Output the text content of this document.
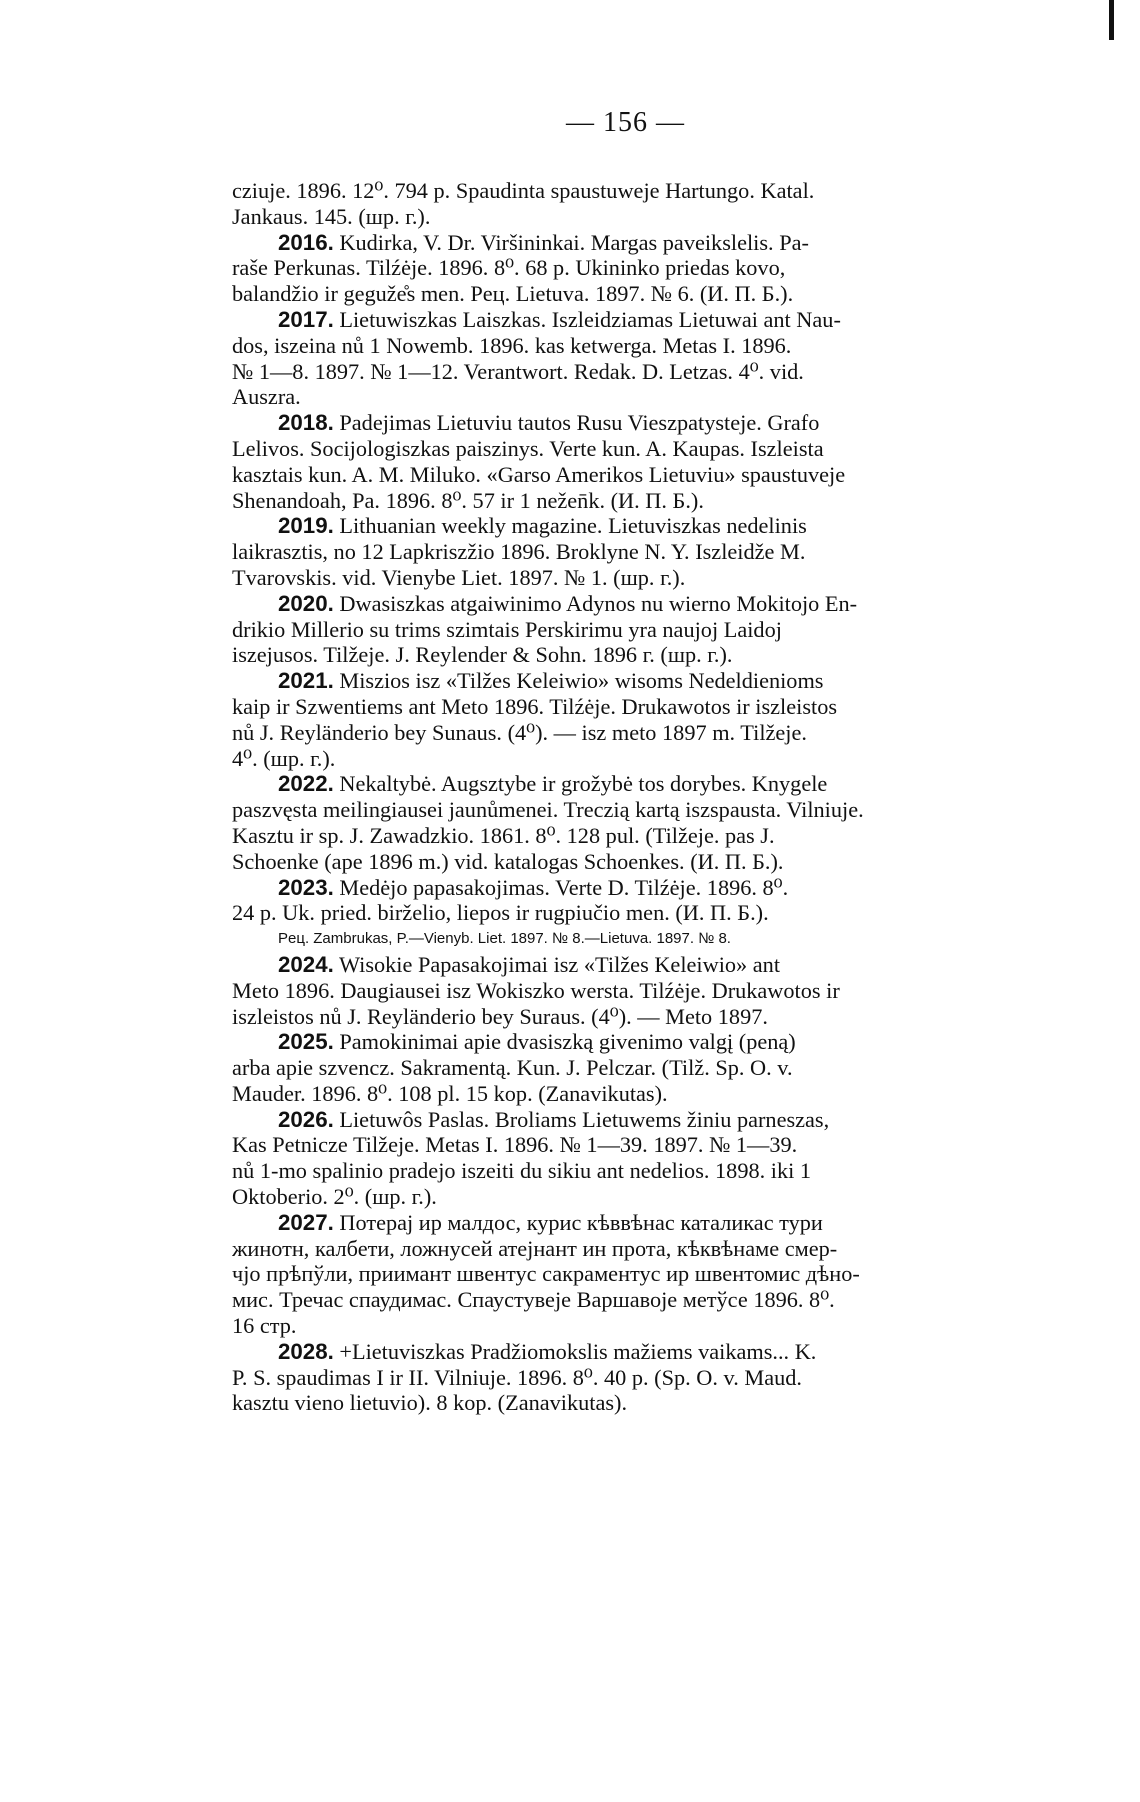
— 156 —
cziuje. 1896. 12⁰. 794 p. Spaudinta spaustuweje Hartungo. Katal.
Jankaus. 145. (шр. г.).
2016. Kudirka, V. Dr. Viršininkai. Margas paveikslelis. Pa-
raše Perkunas. Tilźėje. 1896. 8⁰. 68 p. Ukininko priedas kovo,
balandžio ir geguže̊s men. Peц. Lietuva. 1897. № 6. (И. П. Б.).
2017. Lietuwiszkas Laiszkas. Iszleidziamas Lietuwai ant Nau-
dos, iszeina nů 1 Nowemb. 1896. kas ketwerga. Metas I. 1896.
№ 1—8. 1897. № 1—12. Verantwort. Redak. D. Letzas. 4⁰. vid.
Auszra.
2018. Padejimas Lietuviu tautos Rusu Vieszpatysteje. Grafo
Lelivos. Socijologiszkas paiszinys. Verte kun. A. Kaupas. Iszleista
kasztais kun. A. M. Miluko. «Garso Amerikos Lietuviu» spaustuveje
Shenandoah, Pa. 1896. 8⁰. 57 ir 1 nežen̄k. (И. П. Б.).
2019. Lithuanian weekly magazine. Lietuviszkas nedelinis
laikrasztis, no 12 Lapkriszžio 1896. Broklyne N. Y. Iszleidže M.
Tvarovskis. vid. Vienybe Liet. 1897. № 1. (шр. г.).
2020. Dwasiszkas atgaiwinimo Adynos nu wierno Mokitojo En-
drikio Millerio su trims szimtais Perskirimu yra naujoj Laidoj
iszejusos. Tilžeje. J. Reylender & Sohn. 1896 г. (шр. г.).
2021. Miszios isz «Tilžes Keleiwio» wisoms Nedeldienioms
kaip ir Szwentiems ant Meto 1896. Tilźėje. Drukawotos ir iszleistos
nů J. Reyländerio bey Sunaus. (4⁰). — isz meto 1897 m. Tilžeje.
4⁰. (шр. г.).
2022. Nekaltybė. Augsztybe ir grožybė tos dorybes. Knygele
paszvęsta meilingiausei jaunůmenei. Treczią kartą iszspausta. Vilniuje.
Kasztu ir sp. J. Zawadzkio. 1861. 8⁰. 128 pul. (Tilžeje. pas J.
Schoenke (ape 1896 m.) vid. katalogas Schoenkes. (И. П. Б.).
2023. Medėjo papasakojimas. Verte D. Tilźėje. 1896. 8⁰.
24 p. Uk. pried. birželio, liepos ir rugpiučio men. (И. П. Б.).
Peц. Zambrukas, P.—Vienyb. Liet. 1897. № 8.—Lietuva. 1897. № 8.
2024. Wisokie Papasakojimai isz «Tilžes Keleiwio» ant
Meto 1896. Daugiausei isz Wokiszko wersta. Tilźėje. Drukawotos ir
iszleistos nů J. Reyländerio bey Suraus. (4⁰). — Meto 1897.
2025. Pamokinimai apie dvasiszką givenimo valgį (peną)
arba apie szvencz. Sakramentą. Kun. J. Pelczar. (Tilž. Sp. O. v.
Mauder. 1896. 8⁰. 108 pl. 15 kop. (Zanavikutas).
2026. Lietuwôs Paslas. Broliams Lietuwems žiniu parneszas,
Kas Petnicze Tilžeje. Metas I. 1896. № 1—39. 1897. № 1—39.
nů 1-mo spalinio pradejo iszeiti du sikiu ant nedelios. 1898. iki 1
Oktoberio. 2⁰. (шр. г.).
2027. Потерај ир малдос, курис кѣввѣнас каталикас тури
жинотн, калбети, ложнусей атејнант ин прота, кѣквѣнаме смер-
чјо прѣпўли, приимант швентус сакраментус ир швентомис дѣно-
мис. Тречас спаудимас. Спаустувеје Варшавоје метўсе 1896. 8⁰.
16 стр.
2028. +Lietuviszkas Pradžiomokslis mažiems vaikams... K.
P. S. spaudimas I ir II. Vilniuje. 1896. 8⁰. 40 p. (Sp. O. v. Maud.
kasztu vieno lietuvio). 8 kop. (Zanavikutas).
